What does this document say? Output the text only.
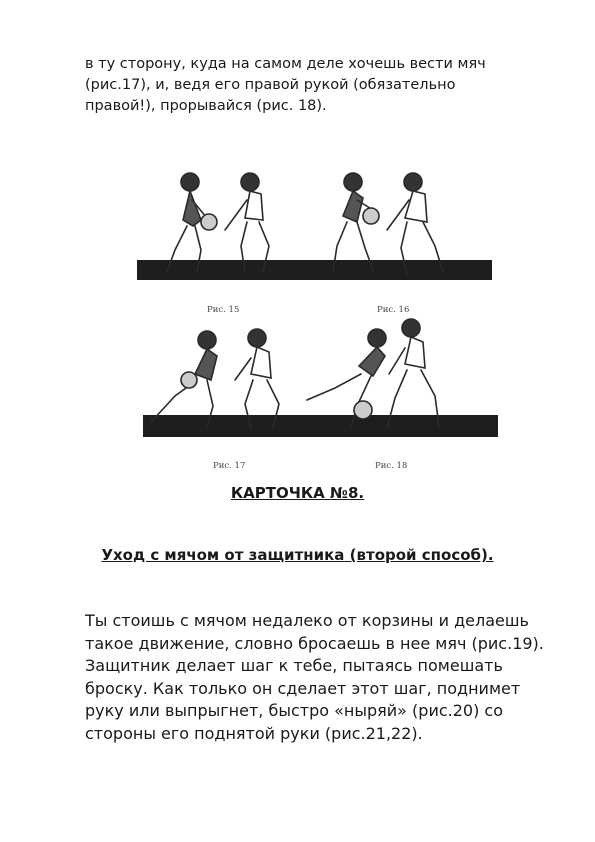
в ту сторону, куда на самом деле хочешь вести мяч
(рис.17), и, ведя его правой рукой (обязательно
правой!), прорывайся (рис. 18).
Рис. 15	Рис. 16
Рис. 17	Рис. 18
КАРТОЧКА №8.
Уход с мячом от защитника (второй способ).
Ты стоишь с мячом недалеко от корзины и делаешь
такое движение, словно бросаешь в нее мяч (рис.19).
Защитник делает шаг к тебе, пытаясь помешать
броску. Как только он сделает этот шаг, поднимет
руку или выпрыгнет, быстро «ныряй» (рис.20) со
стороны его поднятой руки (рис.21,22).
